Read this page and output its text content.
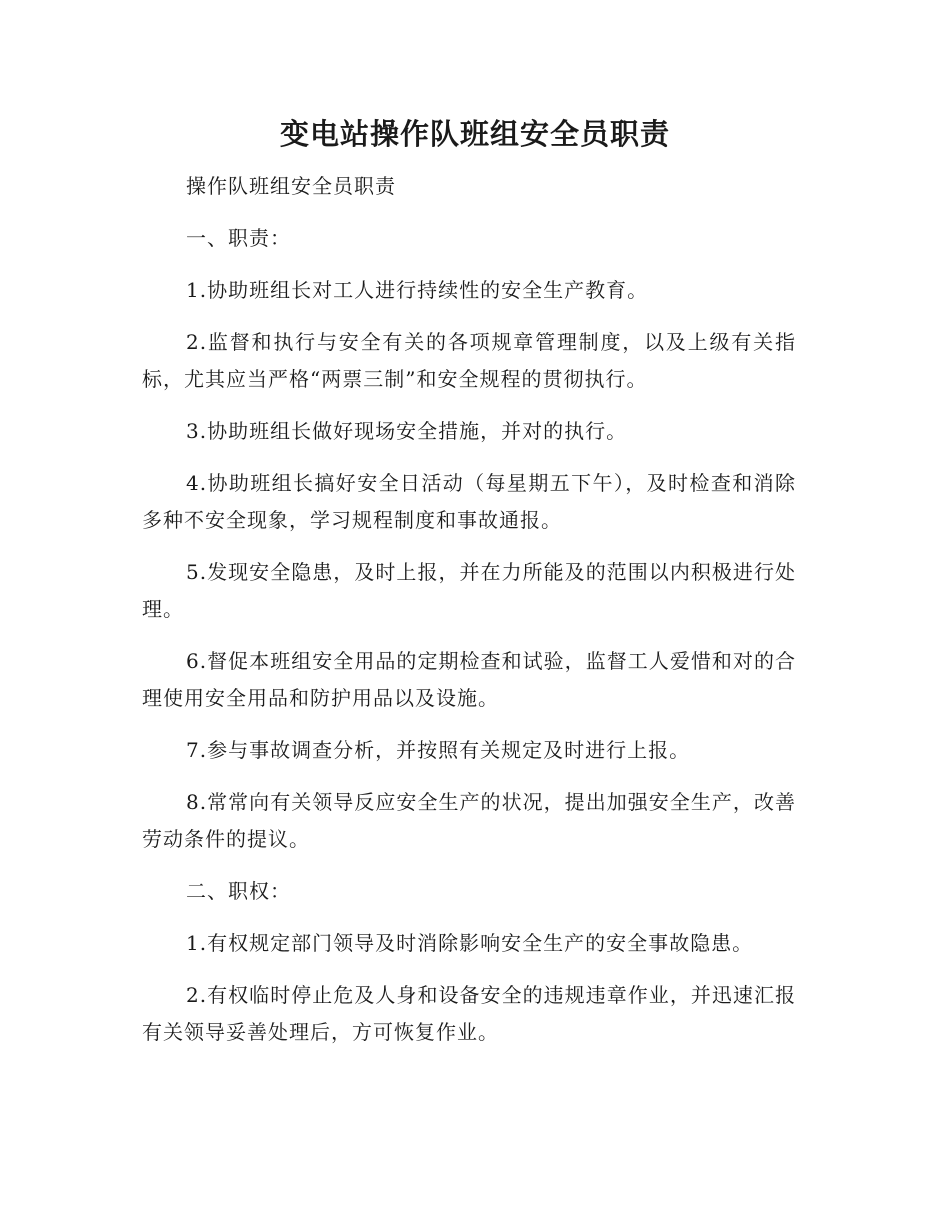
变电站操作队班组安全员职责

操作队班组安全员职责

一、职责：

1.协助班组长对工人进行持续性的安全生产教育。

2.监督和执行与安全有关的各项规章管理制度，以及上级有关指标，尤其应当严格“两票三制”和安全规程的贯彻执行。

3.协助班组长做好现场安全措施，并对的执行。

4.协助班组长搞好安全日活动（每星期五下午），及时检查和消除多种不安全现象，学习规程制度和事故通报。

5.发现安全隐患，及时上报，并在力所能及的范围以内积极进行处理。

6.督促本班组安全用品的定期检查和试验，监督工人爱惜和对的合理使用安全用品和防护用品以及设施。

7.参与事故调查分析，并按照有关规定及时进行上报。

8.常常向有关领导反应安全生产的状况，提出加强安全生产，改善劳动条件的提议。

二、职权：

1.有权规定部门领导及时消除影响安全生产的安全事故隐患。

2.有权临时停止危及人身和设备安全的违规违章作业，并迅速汇报有关领导妥善处理后，方可恢复作业。
